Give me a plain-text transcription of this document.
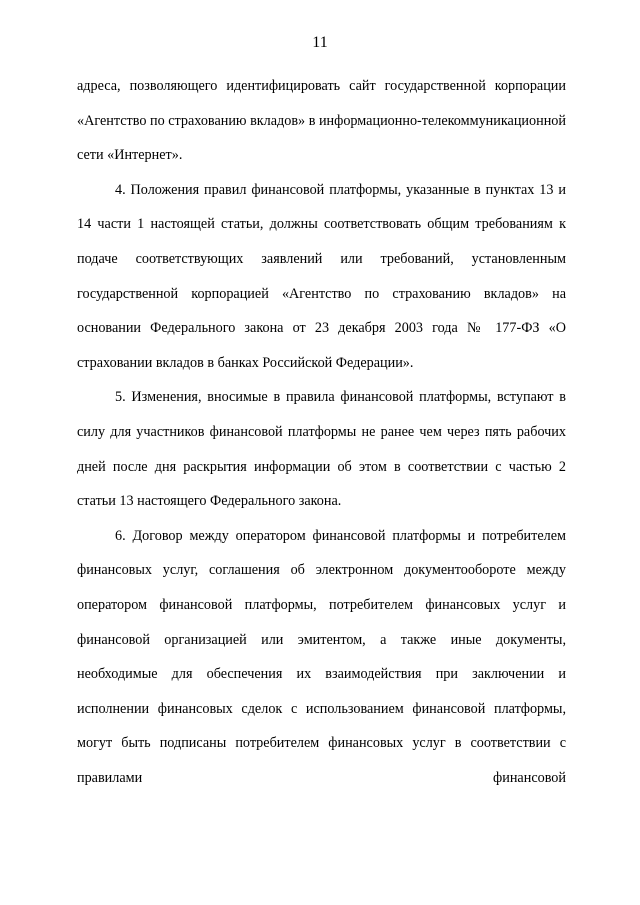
11

адреса, позволяющего идентифицировать сайт государственной корпорации «Агентство по страхованию вкладов» в информационно-телекоммуникационной сети «Интернет».

4. Положения правил финансовой платформы, указанные в пунктах 13 и 14 части 1 настоящей статьи, должны соответствовать общим требованиям к подаче соответствующих заявлений или требований, установленным государственной корпорацией «Агентство по страхованию вкладов» на основании Федерального закона от 23 декабря 2003 года № 177-ФЗ «О страховании вкладов в банках Российской Федерации».

5. Изменения, вносимые в правила финансовой платформы, вступают в силу для участников финансовой платформы не ранее чем через пять рабочих дней после дня раскрытия информации об этом в соответствии с частью 2 статьи 13 настоящего Федерального закона.

6. Договор между оператором финансовой платформы и потребителем финансовых услуг, соглашения об электронном документообороте между оператором финансовой платформы, потребителем финансовых услуг и финансовой организацией или эмитентом, а также иные документы, необходимые для обеспечения их взаимодействия при заключении и исполнении финансовых сделок с использованием финансовой платформы, могут быть подписаны потребителем финансовых услуг в соответствии с правилами финансовой
